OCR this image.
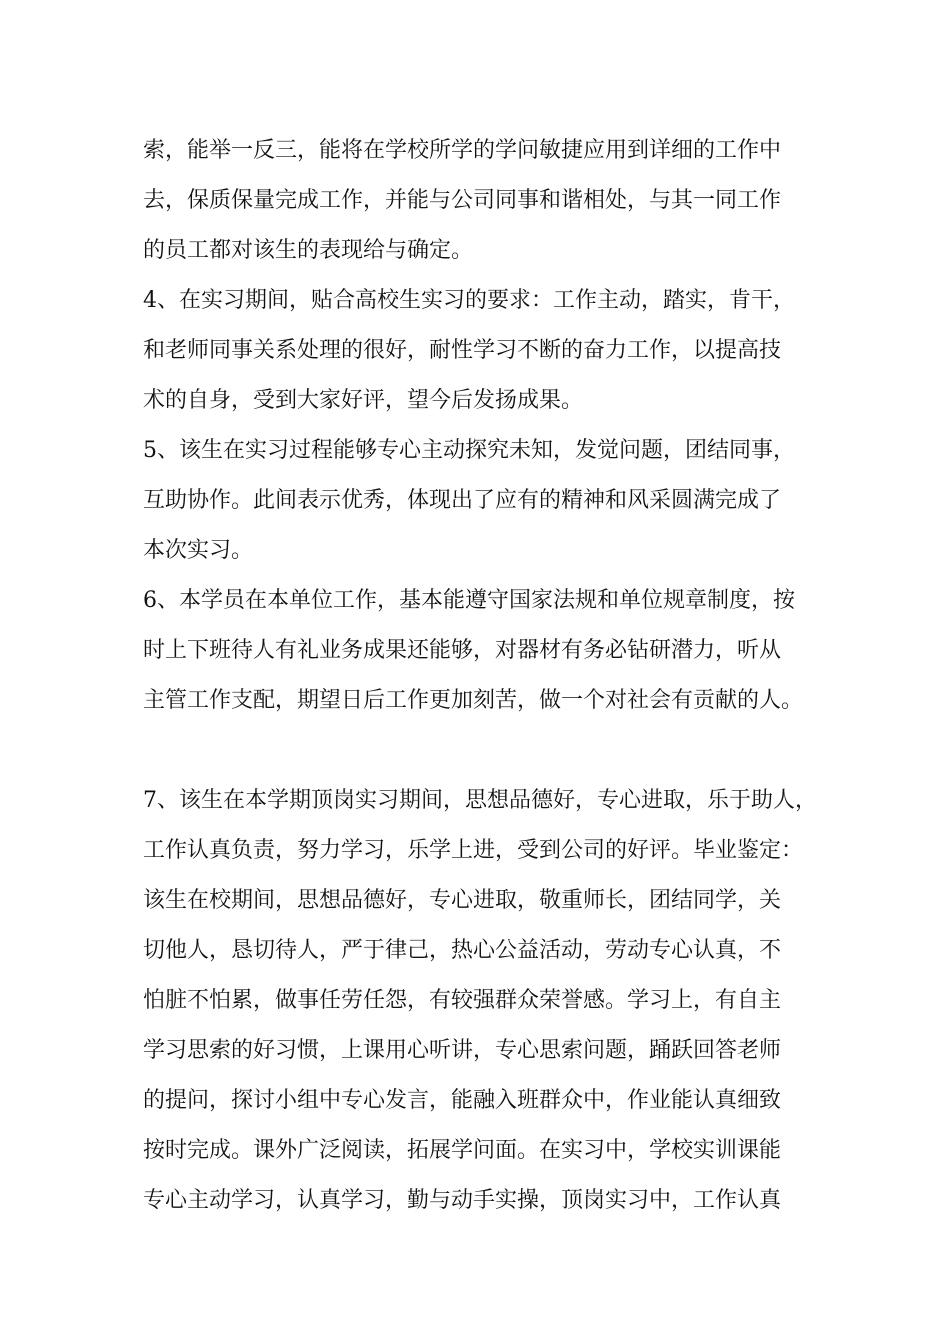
索，能举一反三，能将在学校所学的学问敏捷应用到详细的工作中
去，保质保量完成工作，并能与公司同事和谐相处，与其一同工作
的员工都对该生的表现给与确定。
4、在实习期间，贴合高校生实习的要求：工作主动，踏实，肯干，
和老师同事关系处理的很好，耐性学习不断的奋力工作，以提高技
术的自身，受到大家好评，望今后发扬成果。
5、该生在实习过程能够专心主动探究未知，发觉问题，团结同事，
互助协作。此间表示优秀，体现出了应有的精神和风采圆满完成了
本次实习。
6、本学员在本单位工作，基本能遵守国家法规和单位规章制度，按
时上下班待人有礼业务成果还能够，对器材有务必钻研潜力，听从
主管工作支配，期望日后工作更加刻苦，做一个对社会有贡献的人。
7、该生在本学期顶岗实习期间，思想品德好，专心进取，乐于助人，
工作认真负责，努力学习，乐学上进，受到公司的好评。毕业鉴定：
该生在校期间，思想品德好，专心进取，敬重师长，团结同学，关
切他人，恳切待人，严于律己，热心公益活动，劳动专心认真，不
怕脏不怕累，做事任劳任怨，有较强群众荣誉感。学习上，有自主
学习思索的好习惯，上课用心听讲，专心思索问题，踊跃回答老师
的提问，探讨小组中专心发言，能融入班群众中，作业能认真细致
按时完成。课外广泛阅读，拓展学问面。在实习中，学校实训课能
专心主动学习，认真学习，勤与动手实操，顶岗实习中，工作认真
